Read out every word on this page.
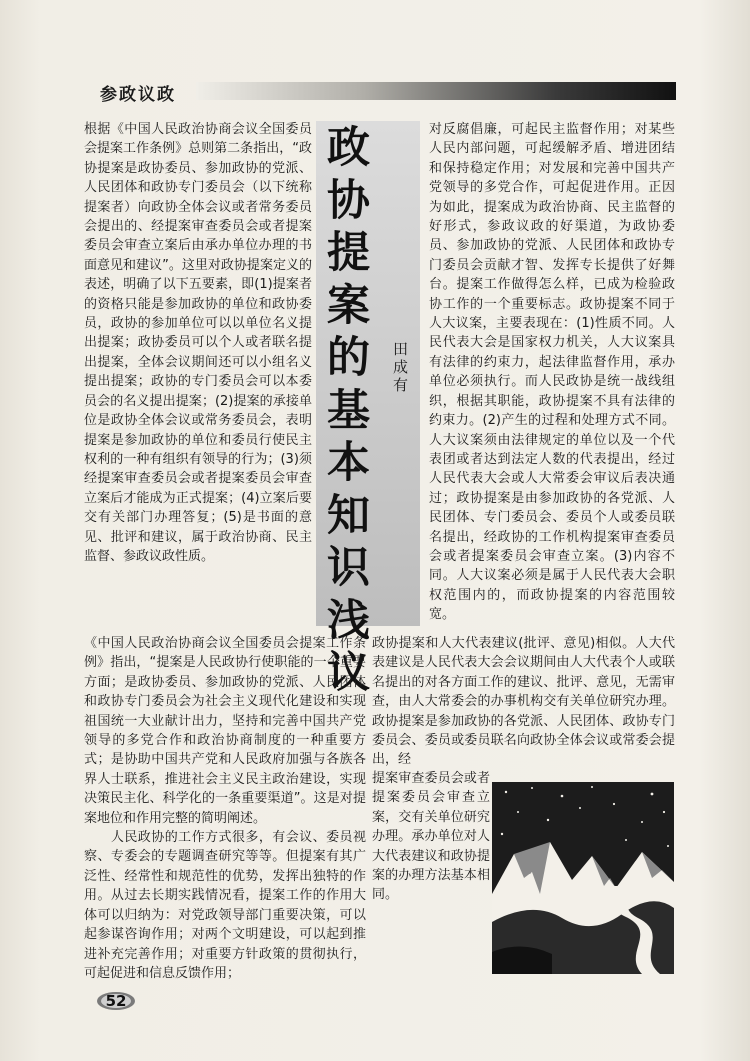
参政议政
根据《中国人民政治协商会议全国委员会提案工作条例》总则第二条指出，“政协提案是政协委员、参加政协的党派、人民团体和政协专门委员会（以下统称提案者）向政协全体会议或者常务委员会提出的、经提案审查委员会或者提案委员会审查立案后由承办单位办理的书面意见和建议”。这里对政协提案定义的表述，明确了以下五要素，即(1)提案者的资格只能是参加政协的单位和政协委员，政协的参加单位可以以单位名义提出提案；政协委员可以个人或者联名提出提案，全体会议期间还可以小组名义提出提案；政协的专门委员会可以本委员会的名义提出提案；(2)提案的承接单位是政协全体会议或常务委员会，表明提案是参加政协的单位和委员行使民主权利的一种有组织有领导的行为；(3)须经提案审查委员会或者提案委员会审查立案后才能成为正式提案；(4)立案后要交有关部门办理答复；(5)是书面的意见、批评和建议，属于政治协商、民主监督、参政议政性质。
政协提案的基本知识浅议
田成有
《中国人民政治协商会议全国委员会提案工作条例》指出，“提案是人民政协行使职能的一个重要方面；是政协委员、参加政协的党派、人民团体和政协专门委员会为社会主义现代化建设和实现祖国统一大业献计出力，坚持和完善中国共产党领导的多党合作和政治协商制度的一种重要方式；是协助中国共产党和人民政府加强与各族各界人士联系，推进社会主义民主政治建设，实现决策民主化、科学化的一条重要渠道”。这是对提案地位和作用完整的简明阐述。
　　人民政协的工作方式很多，有会议、委员视察、专委会的专题调查研究等等。但提案有其广泛性、经常性和规范性的优势，发挥出独特的作用。从过去长期实践情况看，提案工作的作用大体可以归纳为：对党政领导部门重要决策，可以起参谋咨询作用；对两个文明建设，可以起到推进补充完善作用；对重要方针政策的贯彻执行，可起促进和信息反馈作用；
对反腐倡廉，可起民主监督作用；对某些人民内部问题，可起缓解矛盾、增进团结和保持稳定作用；对发展和完善中国共产党领导的多党合作，可起促进作用。正因为如此，提案成为政治协商、民主监督的好形式，参政议政的好渠道，为政协委员、参加政协的党派、人民团体和政协专门委员会贡献才智、发挥专长提供了好舞台。提案工作做得怎么样，已成为检验政协工作的一个重要标志。政协提案不同于人大议案，主要表现在：(1)性质不同。人民代表大会是国家权力机关，人大议案具有法律的约束力，起法律监督作用，承办单位必须执行。而人民政协是统一战线组织，根据其职能，政协提案不具有法律的约束力。(2)产生的过程和处理方式不同。人大议案须由法律规定的单位以及一个代表团或者达到法定人数的代表提出，经过人民代表大会或人大常委会审议后表决通过；政协提案是由参加政协的各党派、人民团体、专门委员会、委员个人或委员联名提出，经政协的工作机构提案审查委员会或者提案委员会审查立案。(3)内容不同。人大议案必须是属于人民代表大会职权范围内的，而政协提案的内容范围较宽。
政协提案和人大代表建议(批评、意见)相似。人大代表建议是人民代表大会会议期间由人大代表个人或联名提出的对各方面工作的建议、批评、意见，无需审查，由人大常委会的办事机构交有关单位研究办理。政协提案是参加政协的各党派、人民团体、政协专门委员会、委员或委员联名向政协全体会议或常委会提出，经
提案审查委员会或者提案委员会审查立案，交有关单位研究办理。承办单位对人大代表建议和政协提案的办理方法基本相同。
52
